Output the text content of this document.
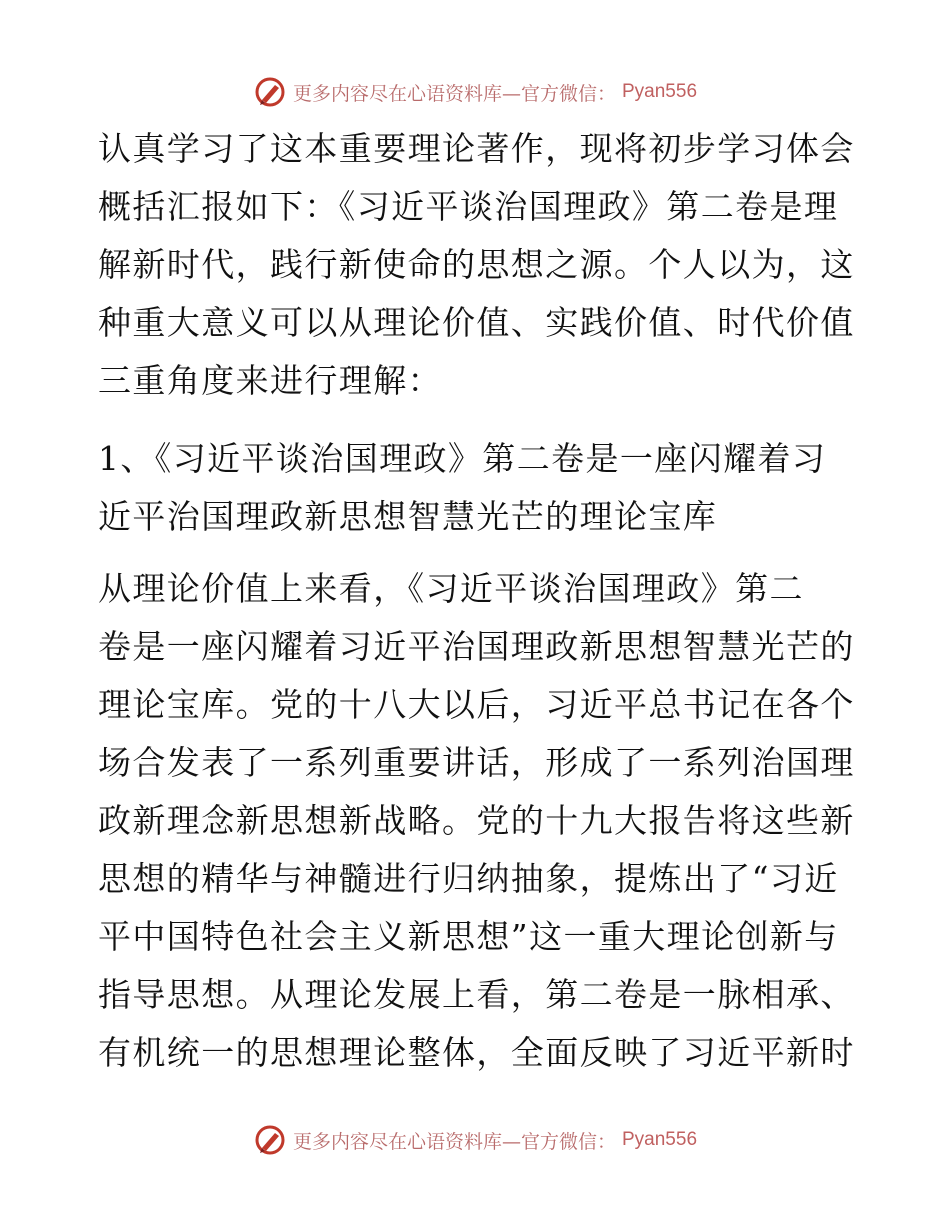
更多内容尽在心语资料库—官方微信： Pyan556

认真学习了这本重要理论著作，现将初步学习体会
概括汇报如下：《习近平谈治国理政》第二卷是理
解新时代，践行新使命的思想之源。个人以为，这
种重大意义可以从理论价值、实践价值、时代价值
三重角度来进行理解：

1、《习近平谈治国理政》第二卷是一座闪耀着习
近平治国理政新思想智慧光芒的理论宝库

从理论价值上来看，《习近平谈治国理政》第二
卷是一座闪耀着习近平治国理政新思想智慧光芒的
理论宝库。党的十八大以后，习近平总书记在各个
场合发表了一系列重要讲话，形成了一系列治国理
政新理念新思想新战略。党的十九大报告将这些新
思想的精华与神髓进行归纳抽象，提炼出了“习近
平中国特色社会主义新思想”这一重大理论创新与
指导思想。从理论发展上看，第二卷是一脉相承、
有机统一的思想理论整体，全面反映了习近平新时

更多内容尽在心语资料库—官方微信： Pyan556
